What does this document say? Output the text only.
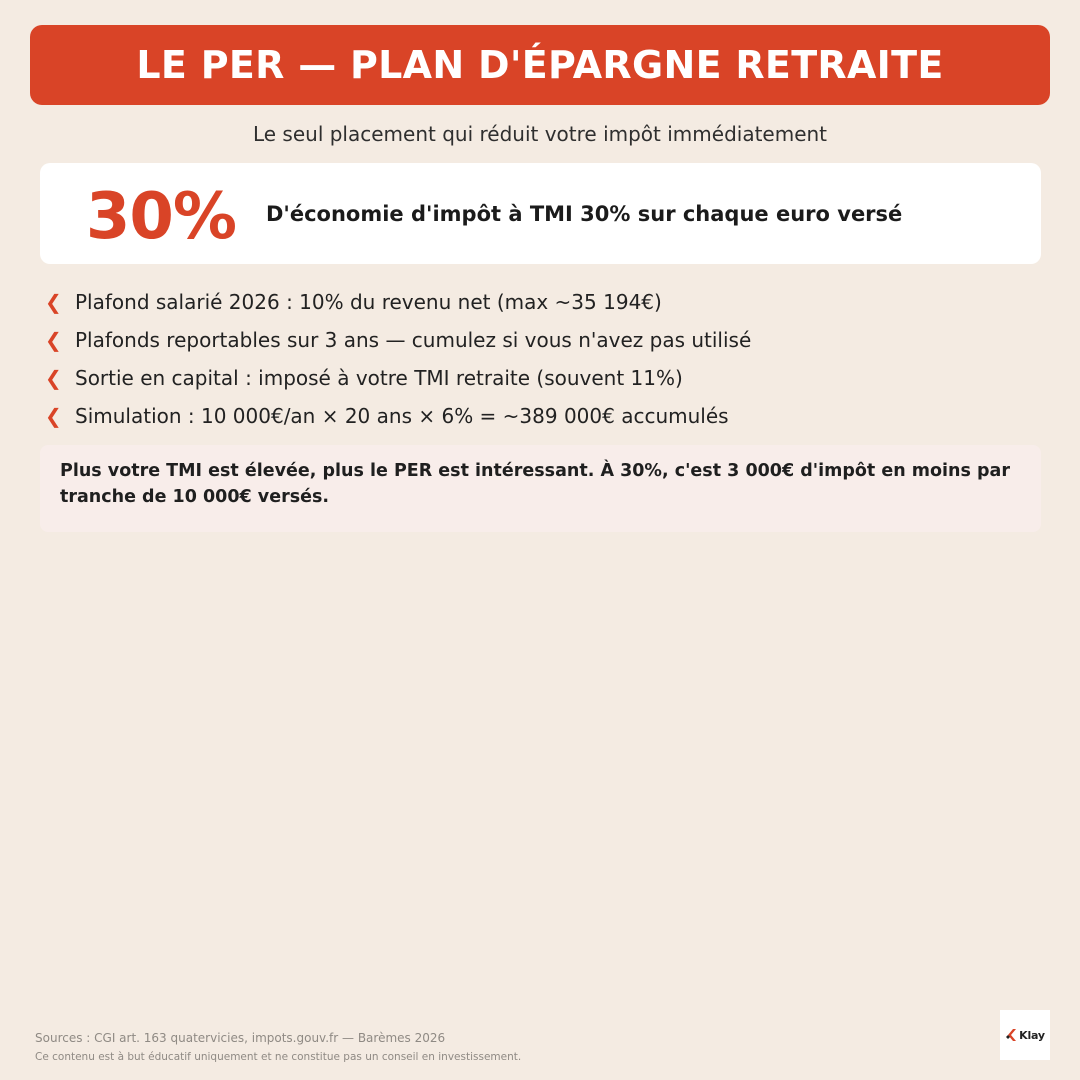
LE PER — PLAN D'ÉPARGNE RETRAITE
Le seul placement qui réduit votre impôt immédiatement
30% D'économie d'impôt à TMI 30% sur chaque euro versé
❮ Plafond salarié 2026 : 10% du revenu net (max ~35 194€)
❮ Plafonds reportables sur 3 ans — cumulez si vous n'avez pas utilisé
❮ Sortie en capital : imposé à votre TMI retraite (souvent 11%)
❮ Simulation : 10 000€/an × 20 ans × 6% = ~389 000€ accumulés
Plus votre TMI est élevée, plus le PER est intéressant. À 30%, c'est 3 000€ d'impôt en moins par tranche de 10 000€ versés.
Sources : CGI art. 163 quatervicies, impots.gouv.fr — Barèmes 2026
Ce contenu est à but éducatif uniquement et ne constitue pas un conseil en investissement.
Klay
